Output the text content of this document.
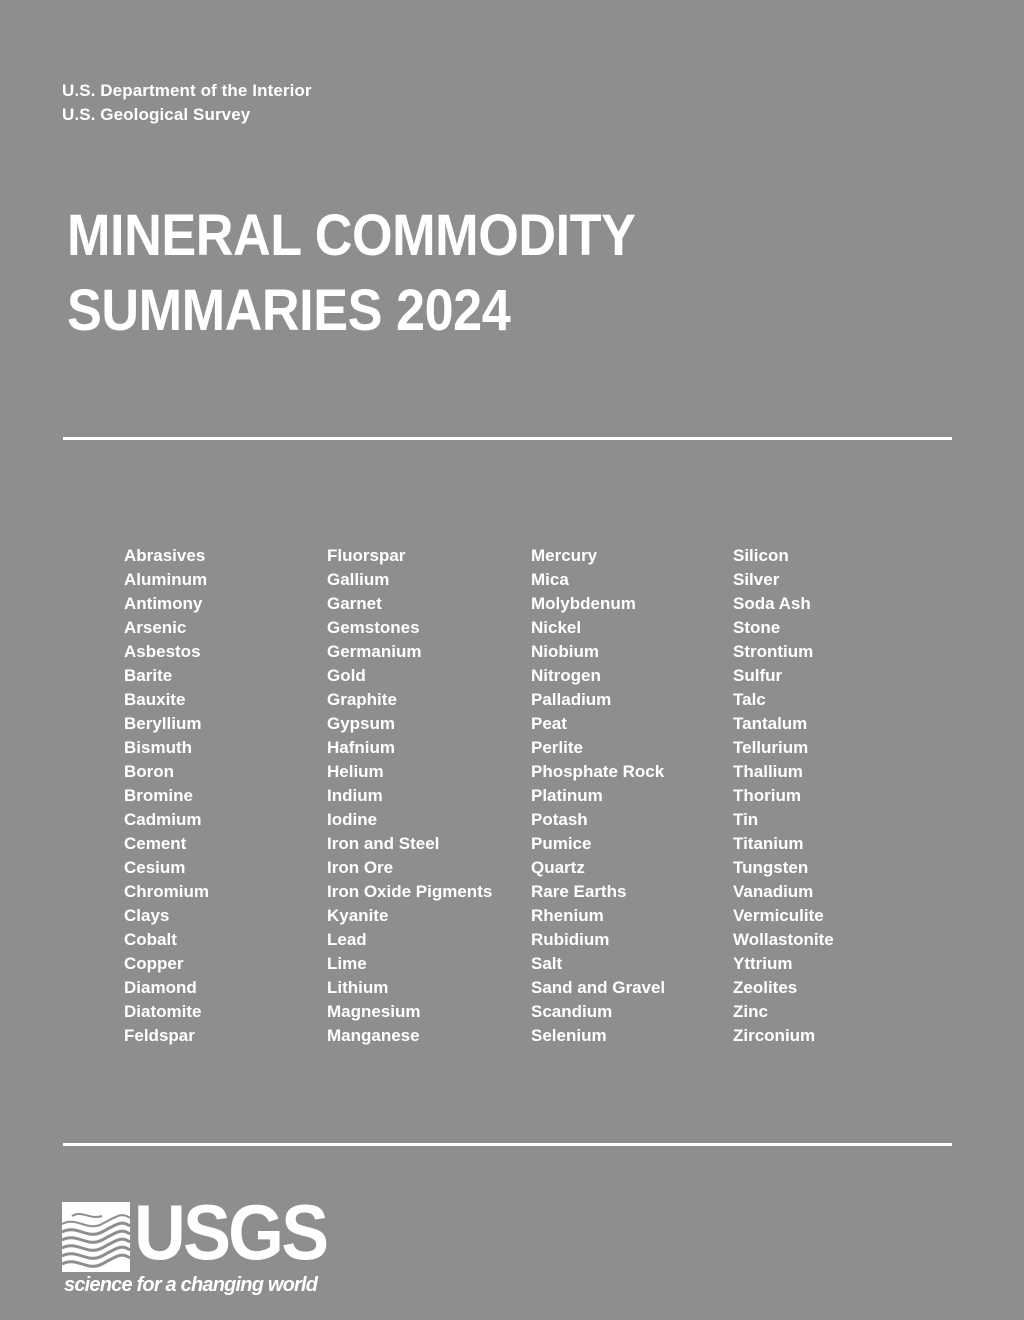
U.S. Department of the Interior
U.S. Geological Survey
MINERAL COMMODITY
SUMMARIES 2024
Abrasives
Aluminum
Antimony
Arsenic
Asbestos
Barite
Bauxite
Beryllium
Bismuth
Boron
Bromine
Cadmium
Cement
Cesium
Chromium
Clays
Cobalt
Copper
Diamond
Diatomite
Feldspar
Fluorspar
Gallium
Garnet
Gemstones
Germanium
Gold
Graphite
Gypsum
Hafnium
Helium
Indium
Iodine
Iron and Steel
Iron Ore
Iron Oxide Pigments
Kyanite
Lead
Lime
Lithium
Magnesium
Manganese
Mercury
Mica
Molybdenum
Nickel
Niobium
Nitrogen
Palladium
Peat
Perlite
Phosphate Rock
Platinum
Potash
Pumice
Quartz
Rare Earths
Rhenium
Rubidium
Salt
Sand and Gravel
Scandium
Selenium
Silicon
Silver
Soda Ash
Stone
Strontium
Sulfur
Talc
Tantalum
Tellurium
Thallium
Thorium
Tin
Titanium
Tungsten
Vanadium
Vermiculite
Wollastonite
Yttrium
Zeolites
Zinc
Zirconium
USGS
science for a changing world
